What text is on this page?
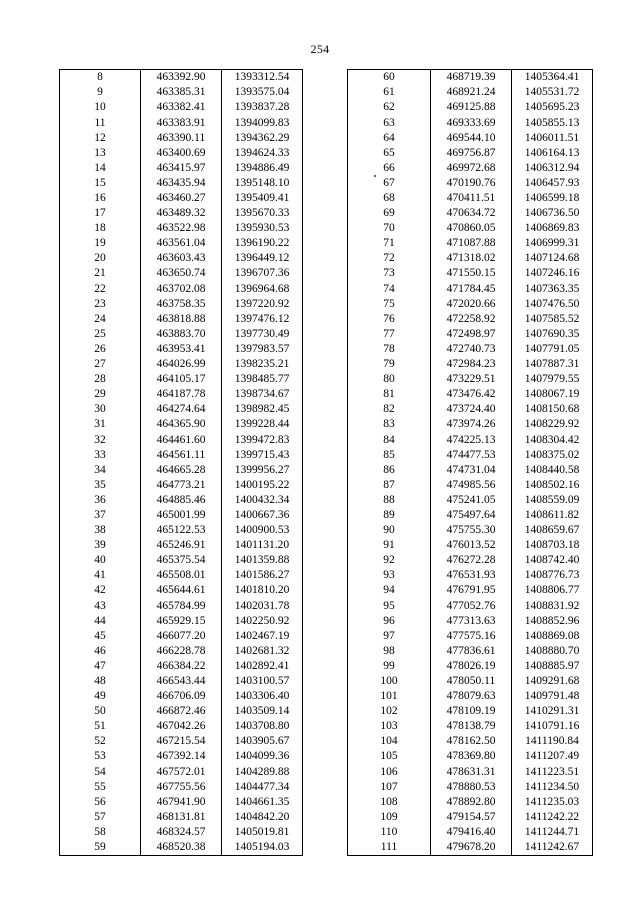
254
8	463392.90	1393312.54
9	463385.31	1393575.04
10	463382.41	1393837.28
11	463383.91	1394099.83
12	463390.11	1394362.29
13	463400.69	1394624.33
14	463415.97	1394886.49
15	463435.94	1395148.10
16	463460.27	1395409.41
17	463489.32	1395670.33
18	463522.98	1395930.53
19	463561.04	1396190.22
20	463603.43	1396449.12
21	463650.74	1396707.36
22	463702.08	1396964.68
23	463758.35	1397220.92
24	463818.88	1397476.12
25	463883.70	1397730.49
26	463953.41	1397983.57
27	464026.99	1398235.21
28	464105.17	1398485.77
29	464187.78	1398734.67
30	464274.64	1398982.45
31	464365.90	1399228.44
32	464461.60	1399472.83
33	464561.11	1399715.43
34	464665.28	1399956.27
35	464773.21	1400195.22
36	464885.46	1400432.34
37	465001.99	1400667.36
38	465122.53	1400900.53
39	465246.91	1401131.20
40	465375.54	1401359.88
41	465508.01	1401586.27
42	465644.61	1401810.20
43	465784.99	1402031.78
44	465929.15	1402250.92
45	466077.20	1402467.19
46	466228.78	1402681.32
47	466384.22	1402892.41
48	466543.44	1403100.57
49	466706.09	1403306.40
50	466872.46	1403509.14
51	467042.26	1403708.80
52	467215.54	1403905.67
53	467392.14	1404099.36
54	467572.01	1404289.88
55	467755.56	1404477.34
56	467941.90	1404661.35
57	468131.81	1404842.20
58	468324.57	1405019.81
59	468520.38	1405194.03
60	468719.39	1405364.41
61	468921.24	1405531.72
62	469125.88	1405695.23
63	469333.69	1405855.13
64	469544.10	1406011.51
65	469756.87	1406164.13
66	469972.68	1406312.94
67	470190.76	1406457.93
68	470411.51	1406599.18
69	470634.72	1406736.50
70	470860.05	1406869.83
71	471087.88	1406999.31
72	471318.02	1407124.68
73	471550.15	1407246.16
74	471784.45	1407363.35
75	472020.66	1407476.50
76	472258.92	1407585.52
77	472498.97	1407690.35
78	472740.73	1407791.05
79	472984.23	1407887.31
80	473229.51	1407979.55
81	473476.42	1408067.19
82	473724.40	1408150.68
83	473974.26	1408229.92
84	474225.13	1408304.42
85	474477.53	1408375.02
86	474731.04	1408440.58
87	474985.56	1408502.16
88	475241.05	1408559.09
89	475497.64	1408611.82
90	475755.30	1408659.67
91	476013.52	1408703.18
92	476272.28	1408742.40
93	476531.93	1408776.73
94	476791.95	1408806.77
95	477052.76	1408831.92
96	477313.63	1408852.96
97	477575.16	1408869.08
98	477836.61	1408880.70
99	478026.19	1408885.97
100	478050.11	1409291.68
101	478079.63	1409791.48
102	478109.19	1410291.31
103	478138.79	1410791.16
104	478162.50	1411190.84
105	478369.80	1411207.49
106	478631.31	1411223.51
107	478880.53	1411234.50
108	478892.80	1411235.03
109	479154.57	1411242.22
110	479416.40	1411244.71
111	479678.20	1411242.67
